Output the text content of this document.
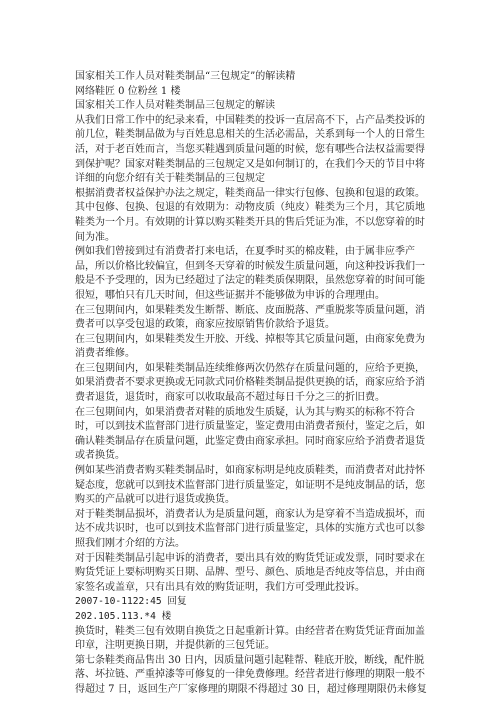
国家相关工作人员对鞋类制品“三包规定”的解读精

网络鞋匠 0 位粉丝 1 楼

国家相关工作人员对鞋类制品三包规定的解读

从我们日常工作中的纪录来看，中国鞋类的投诉一直居高不下，占产品类投诉的前几位，鞋类制品做为与百姓息息相关的生活必需品，关系到每一个人的日常生活，对于老百姓而言，当您买鞋遇到质量问题的时候，您有哪些合法权益需要得到保护呢？国家对鞋类制品的三包规定又是如何制订的，在我们今天的节目中将详细的向您介绍有关于鞋类制品的三包规定

根据消费者权益保护办法之规定，鞋类商品一律实行包修、包换和包退的政策。其中包修、包换、包退的有效期为：动物皮质（纯皮）鞋类为三个月，其它质地鞋类为一个月。有效期的计算以购买鞋类开具的售后凭证为准，不以您穿着的时间为准。

例如我们曾接到过有消费者打来电话，在夏季时买的棉皮鞋，由于属非应季产品，所以价格比较偏宜，但到冬天穿着的时候发生质量问题，向这种投诉我们一般是不予受理的，因为已经超过了法定的鞋类质保期限，虽然您穿着的时间可能很短，哪怕只有几天时间，但这些证据并不能够做为申诉的合理理由。

在三包期间内，如果鞋类发生断帮、断底、皮面脱落、严重脱浆等质量问题，消费者可以享受包退的政策，商家应按原销售价款给予退货。

在三包期间内，如果鞋类发生开胶、开线、掉根等其它质量问题，由商家免费为消费者维修。

在三包期间内，如果鞋类制品连续维修两次仍然存在质量问题的，应给予更换，如果消费者不要求更换或无同款式同价格鞋类制品提供更换的话，商家应给予消费者退货，退货时，商家可以收取最高不超过每日千分之三的折旧费。

在三包期间内，如果消费者对鞋的质地发生质疑，认为其与购买的标称不符合时，可以到技术监督部门进行质量鉴定，鉴定费用由消费者预付，鉴定之后，如确认鞋类制品存在质量问题，此鉴定费由商家承担。同时商家应给予消费者退货或者换货。

例如某些消费者购买鞋类制品时，如商家标明是纯皮质鞋类，而消费者对此持怀疑态度，您就可以到技术监督部门进行质量鉴定，如证明不是纯皮制品的话，您购买的产品就可以进行退货或换货。

对于鞋类制品损坏，消费者认为是质量问题，商家认为是穿着不当造成损坏，而达不成共识时，也可以到技术监督部门进行质量鉴定，具体的实施方式也可以参照我们刚才介绍的方法。

对于因鞋类制品引起申诉的消费者，要出具有效的购货凭证或发票，同时要求在购货凭证上要标明购买日期、品牌、型号、颜色、质地是否纯皮等信息，并由商家签名或盖章，只有出具有效的购货证明，我们方可受理此投诉。

2007-10-1122:45 回复

202.105.113.*4 楼

换货时，鞋类三包有效期自换货之日起重新计算。由经营者在购货凭证背面加盖印章，注明更换日期，并提供新的三包凭证。

第七条鞋类商品售出 30 日内，因质量问题引起鞋帮、鞋底开胶，断线，配件脱落、坏拉链、严重掉漆等可修复的一律免费修理。经营者进行修理的期限一般不得超过 7 日，返回生产厂家修理的期限不得超过 30 日，超过修理期限仍未修复
